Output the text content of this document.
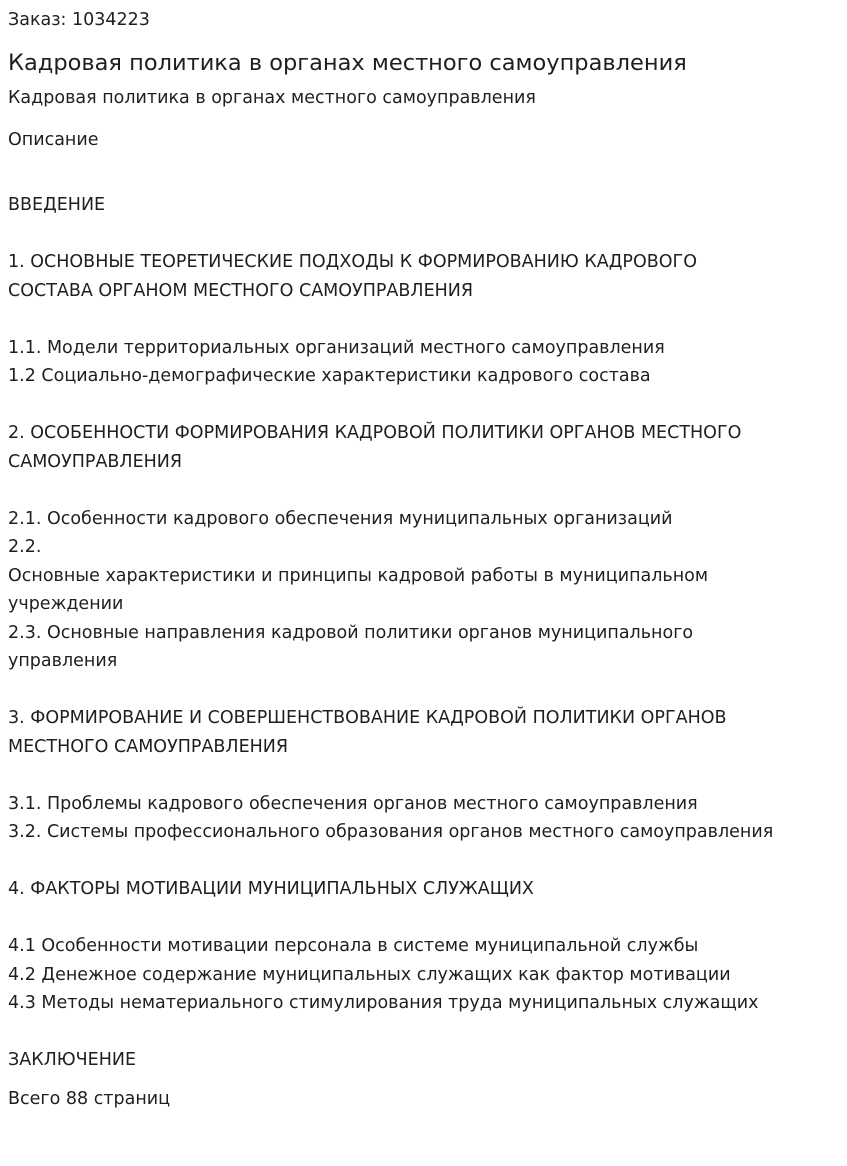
Заказ: 1034223

Кадровая политика в органах местного самоуправления

Кадровая политика в органах местного самоуправления

Описание

ВВЕДЕНИЕ
1. ОСНОВНЫЕ ТЕОРЕТИЧЕСКИЕ ПОДХОДЫ К ФОРМИРОВАНИЮ КАДРОВОГО
СОСТАВА ОРГАНОМ МЕСТНОГО САМОУПРАВЛЕНИЯ
1.1. Модели территориальных организаций местного самоуправления
1.2 Социально-демографические характеристики кадрового состава
2. ОСОБЕННОСТИ ФОРМИРОВАНИЯ КАДРОВОЙ ПОЛИТИКИ ОРГАНОВ МЕСТНОГО
САМОУПРАВЛЕНИЯ
2.1. Особенности кадрового обеспечения муниципальных организаций
2.2.
Основные характеристики и принципы кадровой работы в муниципальном
учреждении
2.3. Основные направления кадровой политики органов муниципального
управления
3. ФОРМИРОВАНИЕ И СОВЕРШЕНСТВОВАНИЕ КАДРОВОЙ ПОЛИТИКИ ОРГАНОВ
МЕСТНОГО САМОУПРАВЛЕНИЯ
3.1. Проблемы кадрового обеспечения органов местного самоуправления
3.2. Системы профессионального образования органов местного самоуправления
4. ФАКТОРЫ МОТИВАЦИИ МУНИЦИПАЛЬНЫХ СЛУЖАЩИХ
4.1 Особенности мотивации персонала в системе муниципальной службы
4.2 Денежное содержание муниципальных служащих как фактор мотивации
4.3 Методы нематериального стимулирования труда муниципальных служащих
ЗАКЛЮЧЕНИЕ

Всего 88 страниц
